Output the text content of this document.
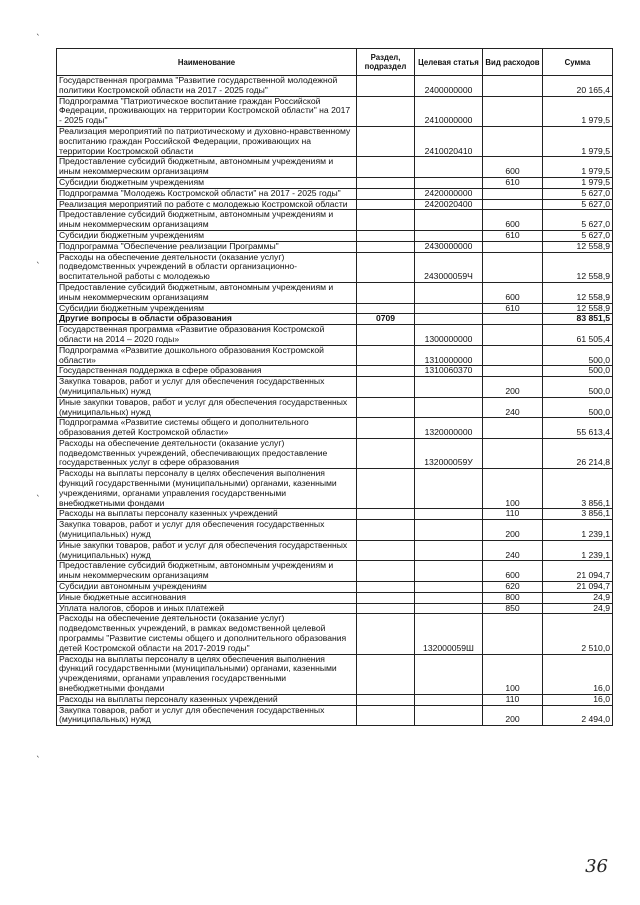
`
`
`
`
Наименование	Раздел, подраздел	Целевая статья	Вид расходов	Сумма
Государственная программа "Развитие государственной молодежной политики Костромской области на 2017 - 2025 годы"		2400000000		20 165,4
Подпрограмма "Патриотическое воспитание граждан Российской Федерации, проживающих на территории Костромской области" на 2017 - 2025 годы"		2410000000		1 979,5
Реализация мероприятий по патриотическому и духовно-нравственному воспитанию граждан Российской Федерации, проживающих на территории Костромской области		2410020410		1 979,5
Предоставление субсидий бюджетным, автономным учреждениям и иным некоммерческим организациям			600	1 979,5
Субсидии бюджетным учреждениям			610	1 979,5
Подпрограмма "Молодежь Костромской области" на 2017 - 2025 годы"		2420000000		5 627,0
Реализация мероприятий по работе с молодежью Костромской области		2420020400		5 627,0
Предоставление субсидий бюджетным, автономным учреждениям и иным некоммерческим организациям			600	5 627,0
Субсидии бюджетным учреждениям			610	5 627,0
Подпрограмма "Обеспечение реализации Программы"		2430000000		12 558,9
Расходы на обеспечение деятельности (оказание услуг) подведомственных учреждений в области организационно-воспитательной работы с молодежью		243000059Ч		12 558,9
Предоставление субсидий бюджетным, автономным учреждениям и иным некоммерческим организациям			600	12 558,9
Субсидии бюджетным учреждениям			610	12 558,9
Другие вопросы в области образования	0709			83 851,5
Государственная программа «Развитие образования Костромской области на 2014 – 2020 годы»		1300000000		61 505,4
Подпрограмма «Развитие дошкольного образования Костромской области»		1310000000		500,0
Государственная поддержка в сфере образования		1310060370		500,0
Закупка товаров, работ и услуг для обеспечения государственных (муниципальных) нужд			200	500,0
Иные закупки товаров, работ и услуг для обеспечения государственных (муниципальных) нужд			240	500,0
Подпрограмма «Развитие системы общего и дополнительного образования детей Костромской области»		1320000000		55 613,4
Расходы на обеспечение деятельности (оказание услуг) подведомственных учреждений, обеспечивающих предоставление государственных услуг в сфере образования		132000059У		26 214,8
Расходы на выплаты персоналу в целях обеспечения выполнения функций государственными (муниципальными) органами, казенными учреждениями, органами управления государственными внебюджетными фондами			100	3 856,1
Расходы на выплаты персоналу казенных учреждений			110	3 856,1
Закупка товаров, работ и услуг для обеспечения государственных (муниципальных) нужд			200	1 239,1
Иные закупки товаров, работ и услуг для обеспечения государственных (муниципальных) нужд			240	1 239,1
Предоставление субсидий бюджетным, автономным учреждениям и иным некоммерческим организациям			600	21 094,7
Субсидии автономным учреждениям			620	21 094,7
Иные бюджетные ассигнования			800	24,9
Уплата налогов, сборов и иных платежей			850	24,9
Расходы на обеспечение деятельности (оказание услуг) подведомственных учреждений, в рамках ведомственной целевой программы "Развитие системы общего и дополнительного образования детей Костромской области на 2017-2019 годы"		132000059Ш		2 510,0
Расходы на выплаты персоналу в целях обеспечения выполнения функций государственными (муниципальными) органами, казенными учреждениями, органами управления государственными внебюджетными фондами			100	16,0
Расходы на выплаты персоналу казенных учреждений			110	16,0
Закупка товаров, работ и услуг для обеспечения государственных (муниципальных) нужд			200	2 494,0
36
